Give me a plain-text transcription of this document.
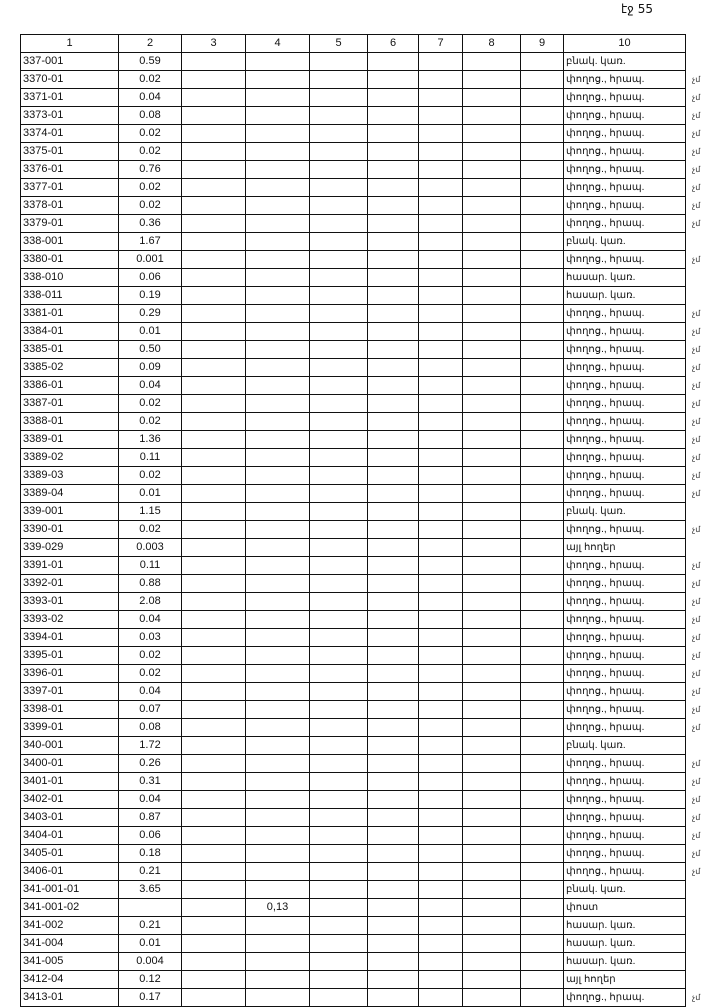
էջ 55
1	2	3	4	5	6	7	8	9	10
337-001	0.59								բնակ. կառ.
3370-01	0.02								փողոց., հրապ. չմ

3371-01	0.04								փողոց., հրապ. չմ

3373-01	0.08								փողոց., հրապ. չմ

3374-01	0.02								փողոց., հրապ. չմ

3375-01	0.02								փողոց., հրապ. չմ

3376-01	0.76								փողոց., հրապ. չմ

3377-01	0.02								փողոց., հրապ. չմ

3378-01	0.02								փողոց., հրապ. չմ

3379-01	0.36								փողոց., հրապ. չմ

338-001	1.67								բնակ. կառ.
3380-01	0.001								փողոց., հրապ. չմ

338-010	0.06								հասար. կառ.
338-011	0.19								հասար. կառ.
3381-01	0.29								փողոց., հրապ. չմ

3384-01	0.01								փողոց., հրապ. չմ

3385-01	0.50								փողոց., հրապ. չմ

3385-02	0.09								փողոց., հրապ. չմ

3386-01	0.04								փողոց., հրապ. չմ

3387-01	0.02								փողոց., հրապ. չմ

3388-01	0.02								փողոց., հրապ. չմ

3389-01	1.36								փողոց., հրապ. չմ

3389-02	0.11								փողոց., հրապ. չմ

3389-03	0.02								փողոց., հրապ. չմ

3389-04	0.01								փողոց., հրապ. չմ

339-001	1.15								բնակ. կառ.
3390-01	0.02								փողոց., հրապ. չմ

339-029	0.003								այլ հողեր
3391-01	0.11								փողոց., հրապ. չմ

3392-01	0.88								փողոց., հրապ. չմ

3393-01	2.08								փողոց., հրապ. չմ

3393-02	0.04								փողոց., հրապ. չմ

3394-01	0.03								փողոց., հրապ. չմ

3395-01	0.02								փողոց., հրապ. չմ

3396-01	0.02								փողոց., հրապ. չմ

3397-01	0.04								փողոց., հրապ. չմ

3398-01	0.07								փողոց., հրապ. չմ

3399-01	0.08								փողոց., հրապ. չմ

340-001	1.72								բնակ. կառ.
3400-01	0.26								փողոց., հրապ. չմ

3401-01	0.31								փողոց., հրապ. չմ

3402-01	0.04								փողոց., հրապ. չմ

3403-01	0.87								փողոց., հրապ. չմ

3404-01	0.06								փողոց., հրապ. չմ

3405-01	0.18								փողոց., հրապ. չմ

3406-01	0.21								փողոց., հրապ. չմ

341-001-01	3.65								բնակ. կառ.
341-001-02			0,13						փոստ
341-002	0.21								հասար. կառ.
341-004	0.01								հասար. կառ.
341-005	0.004								հասար. կառ.
3412-04	0.12								այլ հողեր
3413-01	0.17								փողոց., հրապ. չմ
